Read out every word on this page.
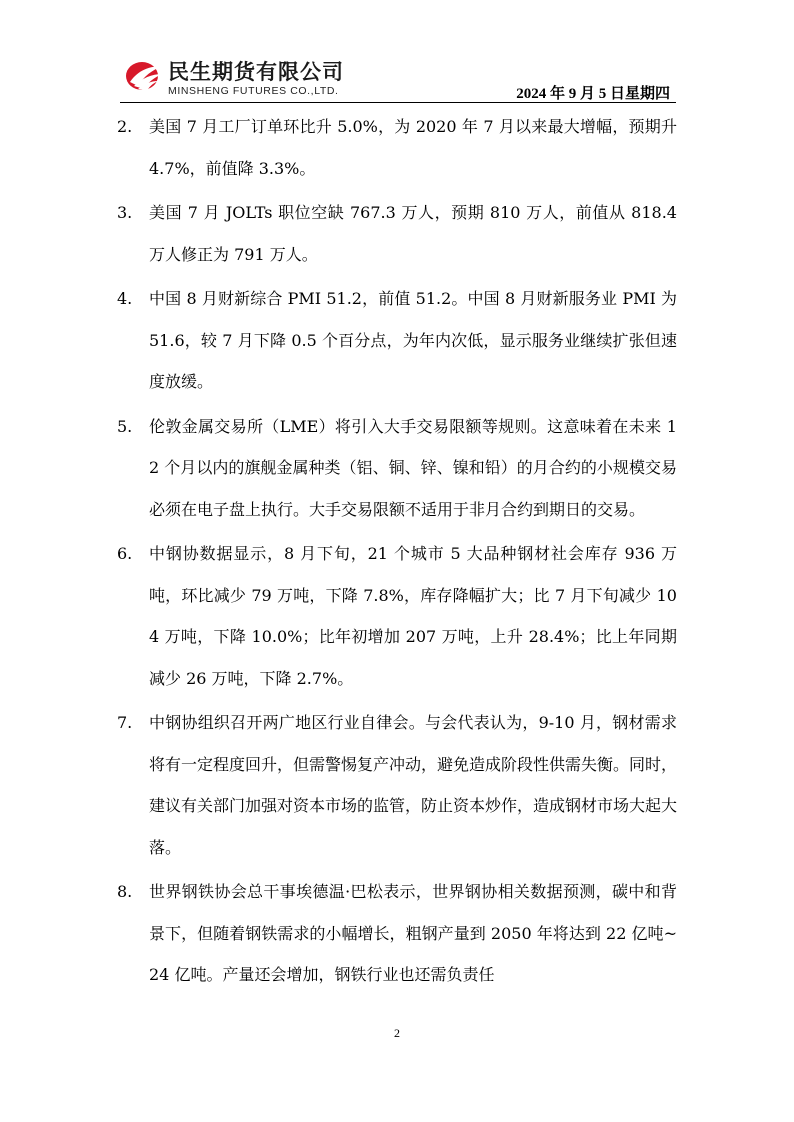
民生期货有限公司
MINSHENG FUTURES CO.,LTD.	2024 年 9 月 5 日星期四
2.	美国 7 月工厂订单环比升 5.0%，为 2020 年 7 月以来最大增幅，预期升 4.7%，前值降 3.3%。
3.	美国 7 月 JOLTs 职位空缺 767.3 万人，预期 810 万人，前值从 818.4 万人修正为 791 万人。
4.	中国 8 月财新综合 PMI 51.2，前值 51.2。中国 8 月财新服务业 PMI 为 51.6，较 7 月下降 0.5 个百分点，为年内次低，显示服务业继续扩张但速度放缓。
5.	伦敦金属交易所（LME）将引入大手交易限额等规则。这意味着在未来 12 个月以内的旗舰金属种类（铝、铜、锌、镍和铅）的月合约的小规模交易必须在电子盘上执行。大手交易限额不适用于非月合约到期日的交易。
6.	中钢协数据显示，8 月下旬，21 个城市 5 大品种钢材社会库存 936 万吨，环比减少 79 万吨，下降 7.8%，库存降幅扩大；比 7 月下旬减少 104 万吨，下降 10.0%；比年初增加 207 万吨，上升 28.4%；比上年同期减少 26 万吨，下降 2.7%。
7.	中钢协组织召开两广地区行业自律会。与会代表认为，9-10 月，钢材需求将有一定程度回升，但需警惕复产冲动，避免造成阶段性供需失衡。同时，建议有关部门加强对资本市场的监管，防止资本炒作，造成钢材市场大起大落。
8.	世界钢铁协会总干事埃德温·巴松表示，世界钢协相关数据预测，碳中和背景下，但随着钢铁需求的小幅增长，粗钢产量到 2050 年将达到 22 亿吨~24 亿吨。产量还会增加，钢铁行业也还需负责任
2
